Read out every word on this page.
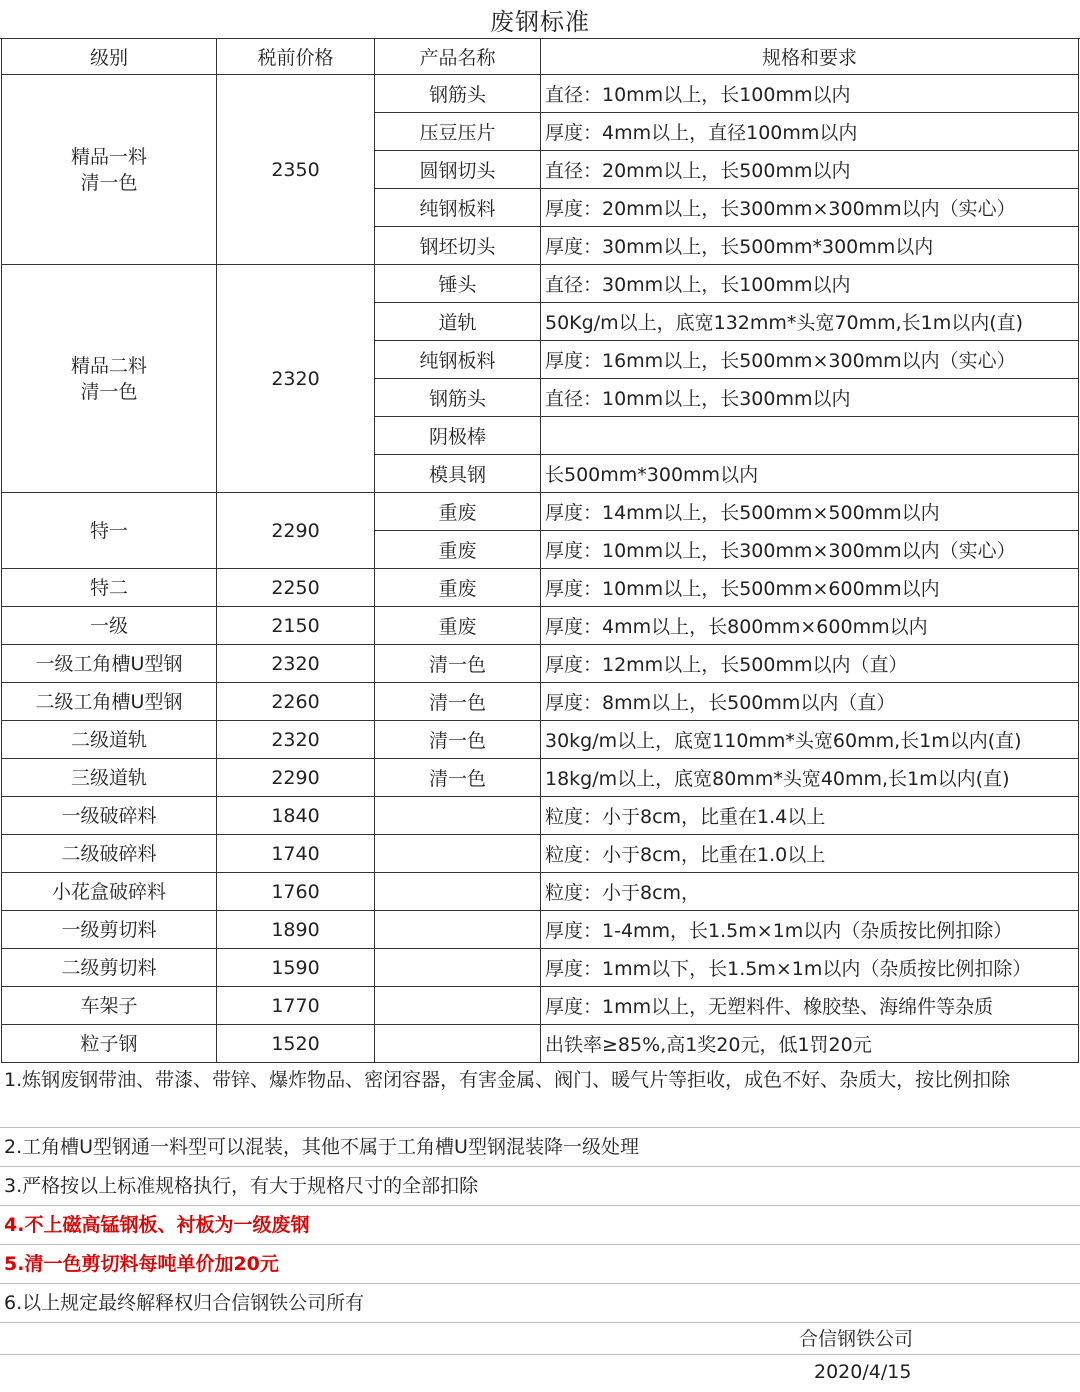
废钢标准
级别	税前价格	产品名称	规格和要求

精品一料
清一色	2350	钢筋头	直径：10mm以上，长100mm以内
		压豆压片	厚度：4mm以上，直径100mm以内
		圆钢切头	直径：20mm以上，长500mm以内
		纯钢板料	厚度：20mm以上，长300mm×300mm以内（实心）
		钢坯切头	厚度：30mm以上，长500mm*300mm以内

精品二料
清一色	2320	锤头	直径：30mm以上，长100mm以内
		道轨	50Kg/m以上，底宽132mm*头宽70mm,长1m以内(直)
		纯钢板料	厚度：16mm以上，长500mm×300mm以内（实心）
		钢筋头	直径：10mm以上，长300mm以内
		阴极棒	
		模具钢	长500mm*300mm以内

特一	2290	重废	厚度：14mm以上，长500mm×500mm以内
		重废	厚度：10mm以上，长300mm×300mm以内（实心）

特二	2250	重废	厚度：10mm以上，长500mm×600mm以内

一级	2150	重废	厚度：4mm以上，长800mm×600mm以内

一级工角槽U型钢	2320	清一色	厚度：12mm以上，长500mm以内（直）

二级工角槽U型钢	2260	清一色	厚度：8mm以上，长500mm以内（直）

二级道轨	2320	清一色	30kg/m以上，底宽110mm*头宽60mm,长1m以内(直)

三级道轨	2290	清一色	18kg/m以上，底宽80mm*头宽40mm,长1m以内(直)

一级破碎料	1840		粒度：小于8cm，比重在1.4以上

二级破碎料	1740		粒度：小于8cm，比重在1.0以上

小花盒破碎料	1760		粒度：小于8cm，

一级剪切料	1890		厚度：1-4mm，长1.5m×1m以内（杂质按比例扣除）

二级剪切料	1590		厚度：1mm以下，长1.5m×1m以内（杂质按比例扣除）

车架子	1770		厚度：1mm以上，无塑料件、橡胶垫、海绵件等杂质

粒子钢	1520		出铁率≥85%,高1奖20元，低1罚20元
1.炼钢废钢带油、带漆、带锌、爆炸物品、密闭容器，有害金属、阀门、暖气片等拒收，成色不好、杂质大，按比例扣除
2.工角槽U型钢通一料型可以混装，其他不属于工角槽U型钢混装降一级处理
3.严格按以上标准规格执行，有大于规格尺寸的全部扣除
4.不上磁高锰钢板、衬板为一级废钢
5.清一色剪切料每吨单价加20元
6.以上规定最终解释权归合信钢铁公司所有
合信钢铁公司
2020/4/15
